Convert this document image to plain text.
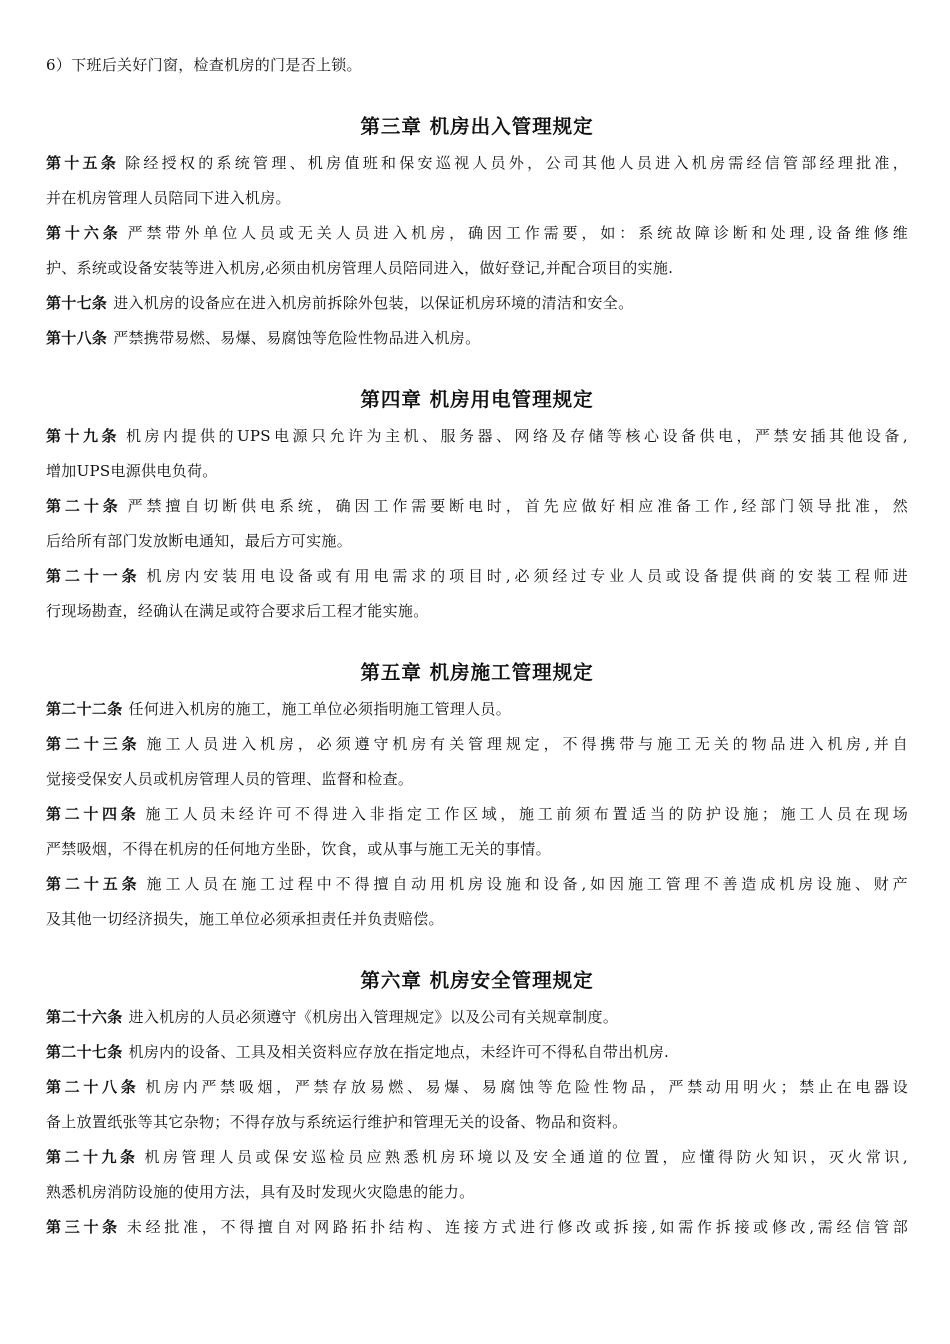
6）下班后关好门窗，检查机房的门是否上锁。
第三章 机房出入管理规定
第十五条 除经授权的系统管理、机房值班和保安巡视人员外，公司其他人员进入机房需经信管部经理批准，
并在机房管理人员陪同下进入机房。
第十六条 严禁带外单位人员或无关人员进入机房，确因工作需要，如：系统故障诊断和处理,设备维修维
护、系统或设备安装等进入机房,必须由机房管理人员陪同进入，做好登记,并配合项目的实施.
第十七条 进入机房的设备应在进入机房前拆除外包装，以保证机房环境的清洁和安全。
第十八条 严禁携带易燃、易爆、易腐蚀等危险性物品进入机房。
第四章 机房用电管理规定
第十九条 机房内提供的UPS电源只允许为主机、服务器、网络及存储等核心设备供电，严禁安插其他设备,
增加UPS电源供电负荷。
第二十条 严禁擅自切断供电系统，确因工作需要断电时，首先应做好相应准备工作,经部门领导批准，然
后给所有部门发放断电通知，最后方可实施。
第二十一条 机房内安装用电设备或有用电需求的项目时,必须经过专业人员或设备提供商的安装工程师进
行现场勘查，经确认在满足或符合要求后工程才能实施。
第五章 机房施工管理规定
第二十二条 任何进入机房的施工，施工单位必须指明施工管理人员。
第二十三条 施工人员进入机房，必须遵守机房有关管理规定，不得携带与施工无关的物品进入机房,并自
觉接受保安人员或机房管理人员的管理、监督和检查。
第二十四条 施工人员未经许可不得进入非指定工作区域，施工前须布置适当的防护设施；施工人员在现场
严禁吸烟，不得在机房的任何地方坐卧，饮食，或从事与施工无关的事情。
第二十五条 施工人员在施工过程中不得擅自动用机房设施和设备,如因施工管理不善造成机房设施、财产
及其他一切经济损失，施工单位必须承担责任并负责赔偿。
第六章 机房安全管理规定
第二十六条 进入机房的人员必须遵守《机房出入管理规定》以及公司有关规章制度。
第二十七条 机房内的设备、工具及相关资料应存放在指定地点，未经许可不得私自带出机房.
第二十八条 机房内严禁吸烟，严禁存放易燃、易爆、易腐蚀等危险性物品，严禁动用明火；禁止在电器设
备上放置纸张等其它杂物；不得存放与系统运行维护和管理无关的设备、物品和资料。
第二十九条 机房管理人员或保安巡检员应熟悉机房环境以及安全通道的位置，应懂得防火知识，灭火常识,
熟悉机房消防设施的使用方法，具有及时发现火灾隐患的能力。
第三十条 未经批准，不得擅自对网路拓扑结构、连接方式进行修改或拆接,如需作拆接或修改,需经信管部
